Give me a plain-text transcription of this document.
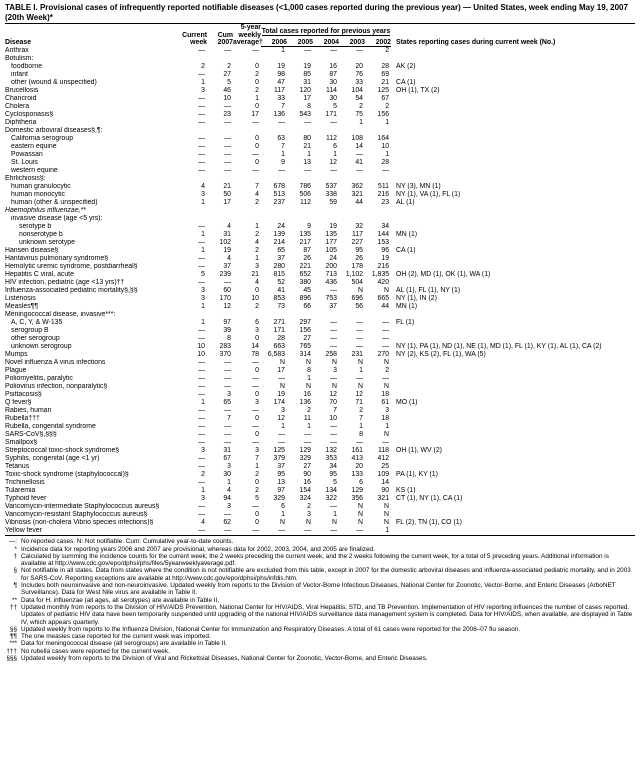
TABLE I. Provisional cases of infrequently reported notifiable diseases (<1,000 cases reported during the previous year) — United States, week ending May 19, 2007 (20th Week)*
Disease	Current week	Cum 2007	5-year weekly average†	Total cases reported for previous years					States reporting cases during current week (No.)
				2006	2005	2004	2003	2002	
Anthrax	—	—	—	1	—	—	—	2	
Botulism:									
foodborne	2	2	0	19	19	16	20	28	AK (2)
infant	—	27	2	98	85	87	76	69	
other (wound & unspecified)	1	5	0	47	31	30	33	21	CA (1)
Brucellosis	3	46	2	117	120	114	104	125	OH (1), TX (2)
Chancroid	—	10	1	33	17	30	54	67	
Cholera	—	—	0	7	8	5	2	2	
Cyclosporiasis§	—	23	17	136	543	171	75	156	
Diphtheria	—	—	—	—	—	—	1	1	
Domestic arboviral diseases§,¶:									
California serogroup	—	—	0	63	80	112	108	164	
eastern equine	—	—	0	7	21	6	14	10	
Powassan	—	—	—	1	1	1	—	1	
St. Louis	—	—	0	9	13	12	41	28	
western equine	—	—	—	—	—	—	—	—	
Ehrlichiosis§:									
human granulocytic	4	21	7	678	786	537	362	511	NY (3), MN (1)
human monocytic	3	50	4	513	506	338	321	216	NY (1), VA (1), FL (1)
human (other & unspecified)	1	17	2	237	112	59	44	23	AL (1)
Haemophilus influenzae,**									
invasive disease (age <5 yrs):									
serotype b	—	4	1	24	9	19	32	34	
nonserotype b	1	31	2	139	135	135	117	144	MN (1)
unknown serotype	—	102	4	214	217	177	227	153	
Hansen disease§	1	19	2	65	87	105	95	96	CA (1)
Hantavirus pulmonary syndrome§	—	4	1	37	26	24	26	19	
Hemolytic uremic syndrome, postdiarrheal§	—	37	3	280	221	200	178	216	
Hepatitis C viral, acute	5	239	21	815	652	713	1,102	1,835	OH (2), MD (1), OK (1), WA (1)
HIV infection, pediatric (age <13 yrs)††	—	—	4	52	380	436	504	420	
Influenza-associated pediatric mortality§,§§	3	60	0	41	45	—	N	N	AL (1), FL (1), NY (1)
Listeriosis	3	170	10	853	896	753	696	665	NY (1), IN (2)
Measles¶¶	1	12	2	73	66	37	56	44	MN (1)
Meningococcal disease, invasive***:									
A, C, Y, & W-135	1	97	6	271	297	—	—	—	FL (1)
serogroup B	—	39	3	171	156	—	—	—	
other serogroup	—	8	0	28	27	—	—	—	
unknown serogroup	10	283	14	663	765	—	—	—	NY (1), PA (1), ND (1), NE (1), MD (1), FL (1), KY (1), AL (1), CA (2)
Mumps	10	370	78	6,583	314	258	231	270	NY (2), KS (2), FL (1), WA (5)
Novel influenza A virus infections	—	—	—	N	N	N	N	N	
Plague	—	—	0	17	8	3	1	2	
Poliomyelitis, paralytic	—	—	—	—	1	—	—	—	
Poliovirus infection, nonparalytic§	—	—	—	N	N	N	N	N	
Psittacosis§	—	3	0	19	16	12	12	18	
Q fever§	1	65	3	174	136	70	71	61	MO (1)
Rabies, human	—	—	—	3	2	7	2	3	
Rubella†††	—	7	0	12	11	10	7	18	
Rubella, congenital syndrome	—	—	—	1	1	—	1	1	
SARS-CoV§,§§§	—	—	0	—	—	—	8	N	
Smallpox§	—	—	—	—	—	—	—	—	
Streptococcal toxic-shock syndrome§	3	31	3	125	129	132	161	118	OH (1), WV (2)
Syphilis, congenital (age <1 yr)	—	67	7	379	329	353	413	412	
Tetanus	—	3	1	37	27	34	20	25	
Toxic-shock syndrome (staphylococcal)§	2	30	2	95	90	95	133	109	PA (1), KY (1)
Trichinellosis	—	1	0	13	16	5	6	14	
Tularemia	1	4	2	97	154	134	129	90	KS (1)
Typhoid fever	3	94	5	329	324	322	356	321	CT (1), NY (1), CA (1)
Vancomycin-intermediate Staphylococcus aureus§	—	3	—	6	2	—	N	N	
Vancomycin-resistant Staphylococcus aureus§	—	—	0	1	3	1	N	N	
Vibriosis (non-cholera Vibrio species infections)§	4	62	0	N	N	N	N	N	FL (2), TN (1), CO (1)
Yellow fever	—	—	—	—	—	—	—	1	
—: No reported cases. N: Not notifiable. Cum: Cumulative year-to-date counts.
* Incidence data for reporting years 2006 and 2007 are provisional, whereas data for 2002, 2003, 2004, and 2005 are finalized.
† Calculated by summing the incidence counts for the current week, the 2 weeks preceding the current week, and the 2 weeks following the current week, for a total of 5 preceding years. Additional information is available at http://www.cdc.gov/epo/dphsi/phs/files/5yearweeklyaverage.pdf.
§ Not notifiable in all states. Data from states where the condition is not notifiable are excluded from this table, except in 2007 for the domestic arboviral diseases and influenza-associated pediatric mortality, and in 2003 for SARS-CoV. Reporting exceptions are available at http://www.cdc.gov/epo/dphsi/phs/infdis.htm.
¶ Includes both neuroinvasive and non-neuroinvasive. Updated weekly from reports to the Division of Vector-Borne Infectious Diseases, National Center for Zoonotic, Vector-Borne, and Enteric Diseases (ArboNET Surveillance). Data for West Nile virus are available in Table II.
** Data for H. influenzae (all ages, all serotypes) are available in Table II.
†† Updated monthly from reports to the Division of HIV/AIDS Prevention, National Center for HIV/AIDS, Viral Hepatitis, STD, and TB Prevention. Implementation of HIV reporting influences the number of cases reported. Updates of pediatric HIV data have been temporarily suspended until upgrading of the national HIV/AIDS surveillance data management system is completed. Data for HIV/AIDS, when available, are displayed in Table IV, which appears quarterly.
§§ Updated weekly from reports to the Influenza Division, National Center for Immunization and Respiratory Diseases. A total of 61 cases were reported for the 2006–07 flu season.
¶¶ The one measles case reported for the current week was imported.
*** Data for meningococcal disease (all serogroups) are available in Table II.
††† No rubella cases were reported for the current week.
§§§ Updated weekly from reports to the Division of Viral and Rickettsial Diseases, National Center for Zoonotic, Vector-Borne, and Enteric Diseases.
